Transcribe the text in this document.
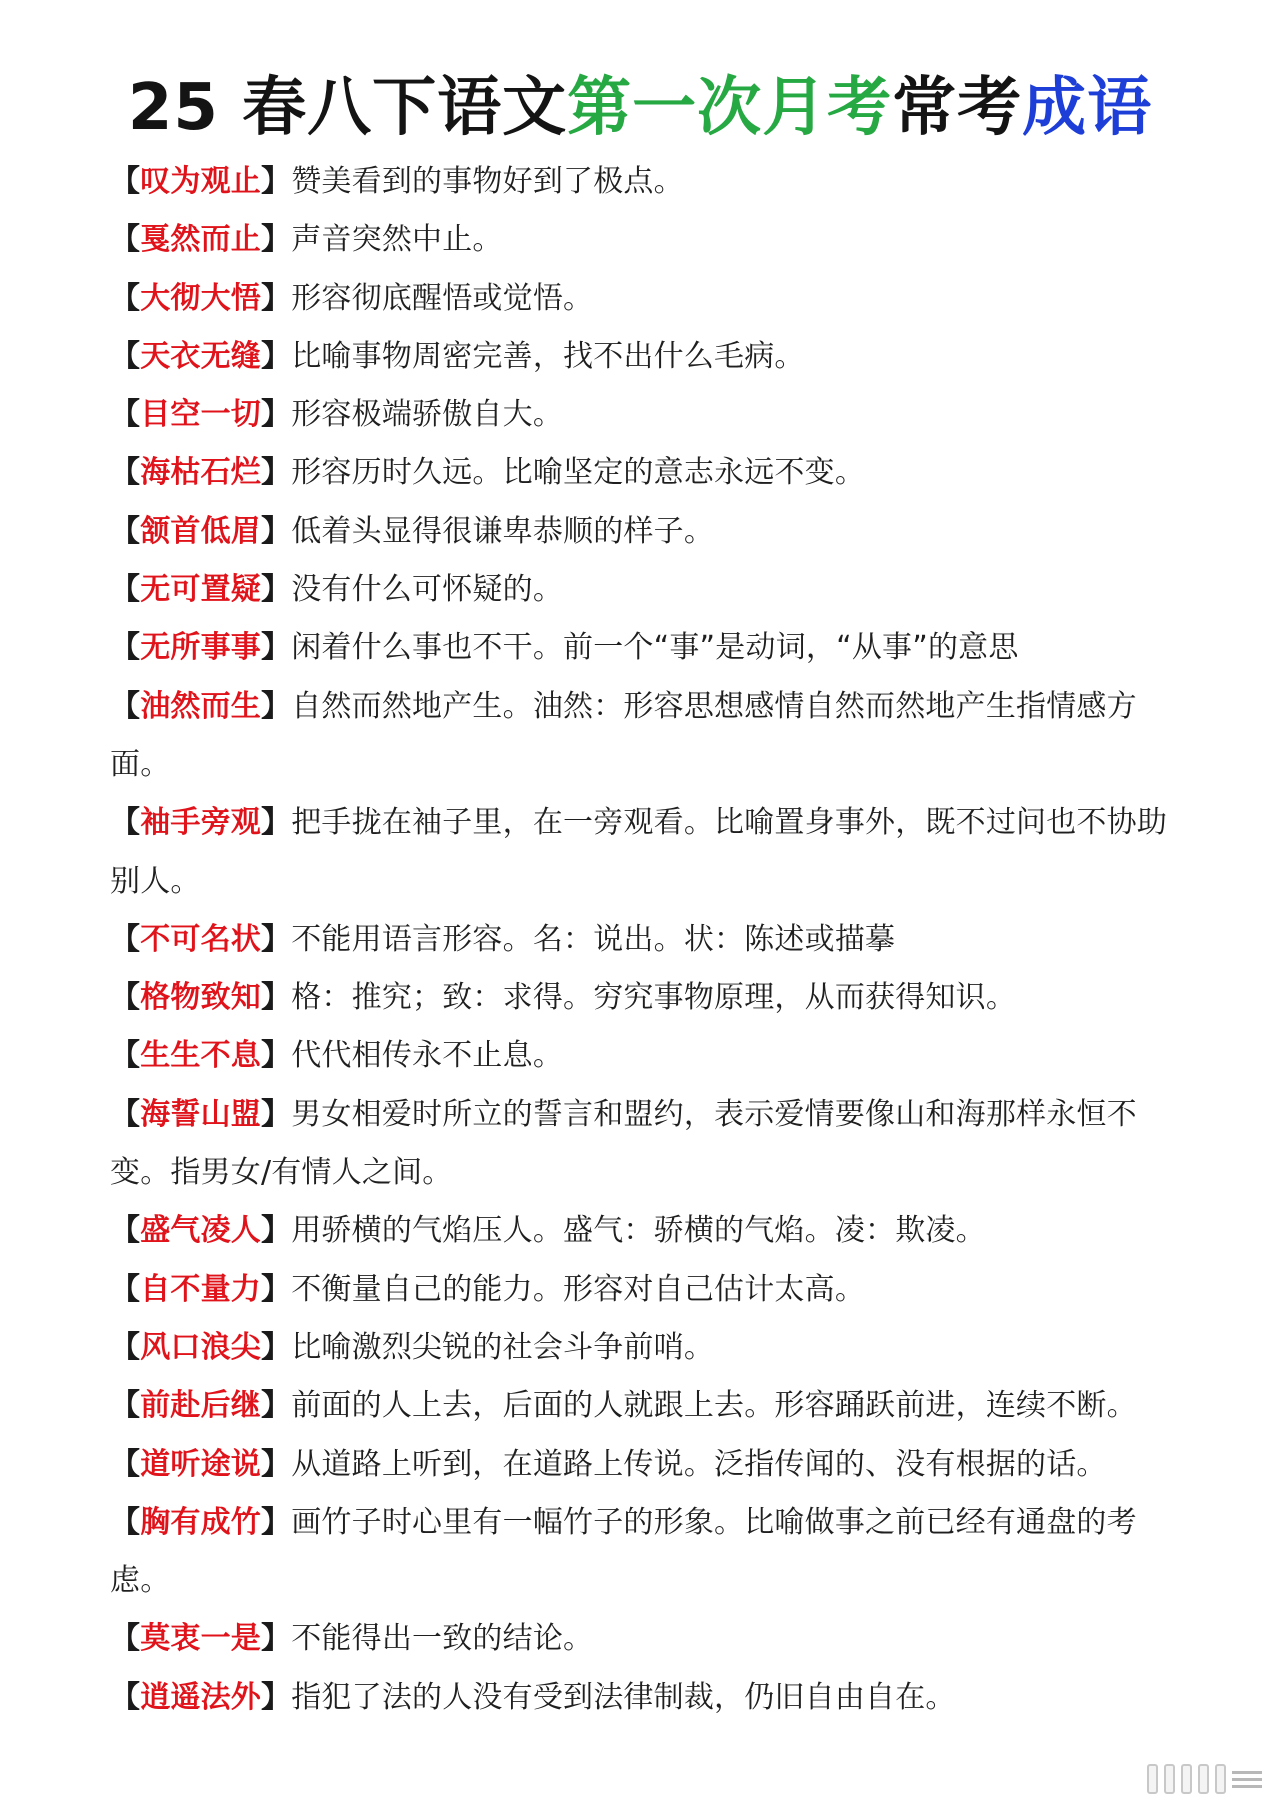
25 春八下语文第一次月考常考成语

【叹为观止】赞美看到的事物好到了极点。

【戛然而止】声音突然中止。

【大彻大悟】形容彻底醒悟或觉悟。

【天衣无缝】比喻事物周密完善，找不出什么毛病。

【目空一切】形容极端骄傲自大。

【海枯石烂】形容历时久远。比喻坚定的意志永远不变。

【颔首低眉】低着头显得很谦卑恭顺的样子。

【无可置疑】没有什么可怀疑的。

【无所事事】闲着什么事也不干。前一个“事”是动词，“从事”的意思

【油然而生】自然而然地产生。油然：形容思想感情自然而然地产生指情感方面。

【袖手旁观】把手拢在袖子里，在一旁观看。比喻置身事外，既不过问也不协助别人。

【不可名状】不能用语言形容。名：说出。状：陈述或描摹

【格物致知】格：推究；致：求得。穷究事物原理，从而获得知识。

【生生不息】代代相传永不止息。

【海誓山盟】男女相爱时所立的誓言和盟约，表示爱情要像山和海那样永恒不变。指男女/有情人之间。

【盛气凌人】用骄横的气焰压人。盛气：骄横的气焰。凌：欺凌。

【自不量力】不衡量自己的能力。形容对自己估计太高。

【风口浪尖】比喻激烈尖锐的社会斗争前哨。

【前赴后继】前面的人上去，后面的人就跟上去。形容踊跃前进，连续不断。

【道听途说】从道路上听到，在道路上传说。泛指传闻的、没有根据的话。

【胸有成竹】画竹子时心里有一幅竹子的形象。比喻做事之前已经有通盘的考虑。

【莫衷一是】不能得出一致的结论。

【逍遥法外】指犯了法的人没有受到法律制裁，仍旧自由自在。
